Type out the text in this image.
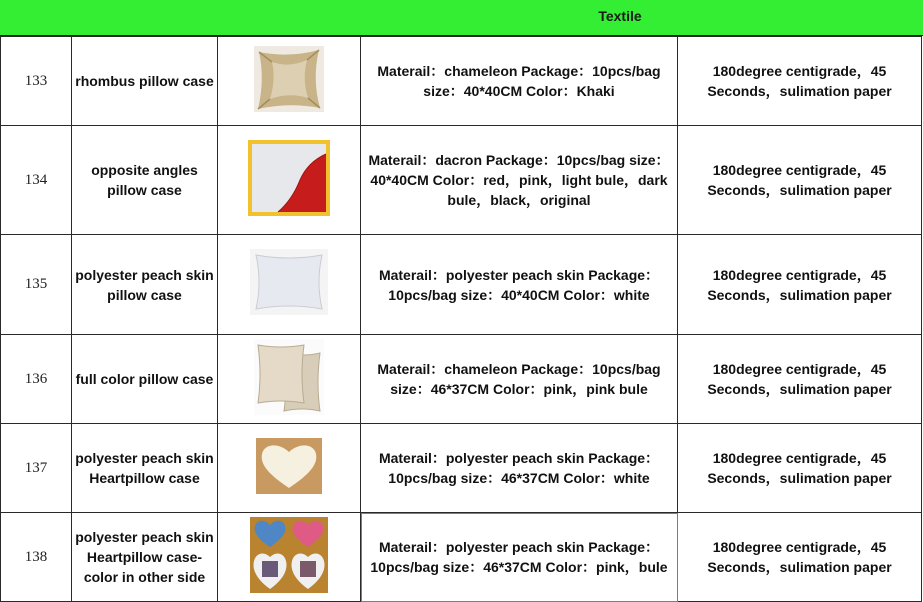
Textile
133	rhombus pillow case		Materail：chameleon Package：10pcs/bag size：40*40CM Color：Khaki	180degree centigrade，45 Seconds，sulimation paper
134	opposite angles pillow case		Materail：dacron Package：10pcs/bag size：40*40CM Color：red，pink，light bule，dark bule，black，original	180degree centigrade，45 Seconds，sulimation paper
135	polyester peach skin pillow case		Materail：polyester peach skin Package：10pcs/bag size：40*40CM Color：white	180degree centigrade，45 Seconds，sulimation paper
136	full color pillow case		Materail：chameleon Package：10pcs/bag size：46*37CM Color：pink，pink bule	180degree centigrade，45 Seconds，sulimation paper
137	polyester peach skin Heartpillow case		Materail：polyester peach skin Package：10pcs/bag size：46*37CM Color：white	180degree centigrade，45 Seconds，sulimation paper
138	polyester peach skin Heartpillow case-color in other side		Materail：polyester peach skin Package：10pcs/bag size：46*37CM Color：pink，bule	180degree centigrade，45 Seconds，sulimation paper
